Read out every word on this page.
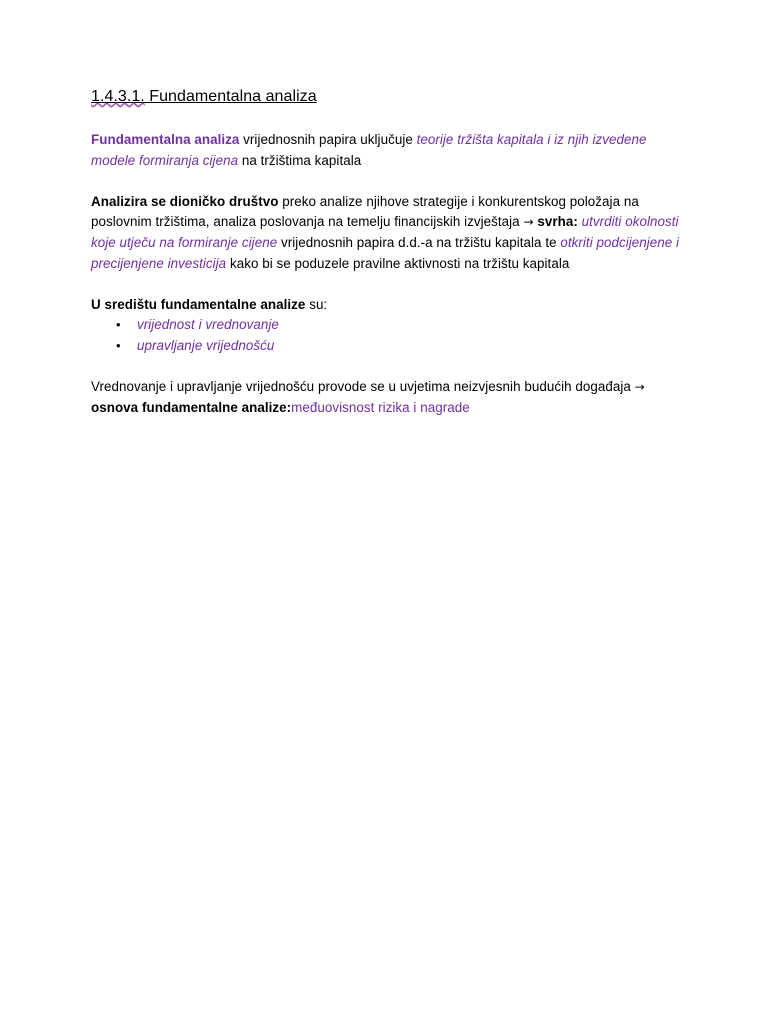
1.4.3.1. Fundamentalna analiza

Fundamentalna analiza vrijednosnih papira uključuje teorije tržišta kapitala i iz njih izvedene modele formiranja cijena na tržištima kapitala

Analizira se dioničko društvo preko analize njihove strategije i konkurentskog položaja na poslovnim tržištima, analiza poslovanja na temelju financijskih izvještaja → svrha: utvrditi okolnosti koje utječu na formiranje cijene vrijednosnih papira d.d.-a na tržištu kapitala te otkriti podcijenjene i precijenjene investicija kako bi se poduzele pravilne aktivnosti na tržištu kapitala

U središtu fundamentalne analize su:

• vrijednost i vrednovanje
• upravljanje vrijednošću

Vrednovanje i upravljanje vrijednošću provode se u uvjetima neizvjesnih budućih događaja → osnova fundamentalne analize:međuovisnost rizika i nagrade
